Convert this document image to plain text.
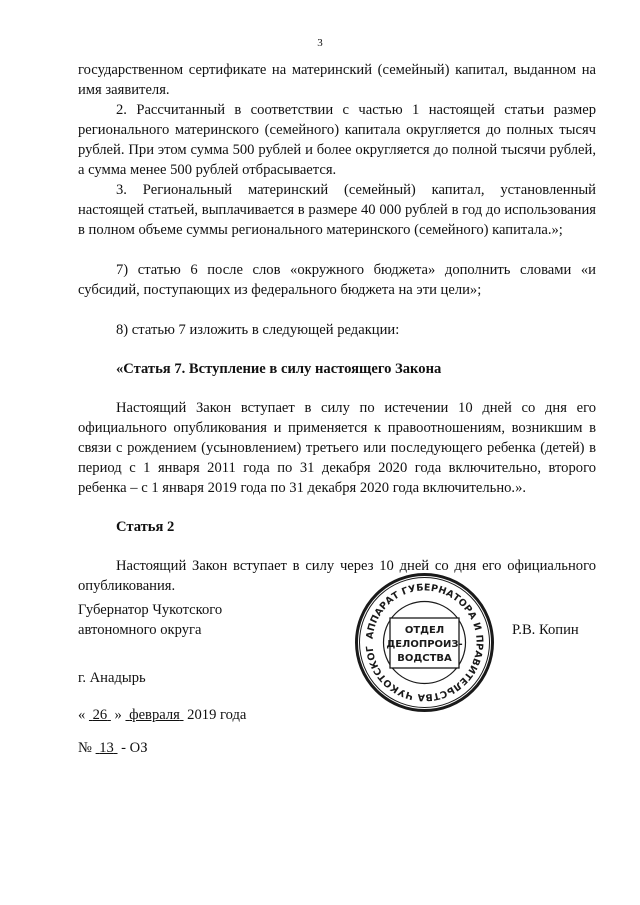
3

государственном сертификате на материнский (семейный) капитал, выданном на имя заявителя.

2. Рассчитанный в соответствии с частью 1 настоящей статьи размер регионального материнского (семейного) капитала округляется до полных тысяч рублей. При этом сумма 500 рублей и более округляется до полной тысячи рублей, а сумма менее 500 рублей отбрасывается.

3. Региональный материнский (семейный) капитал, установленный настоящей статьей, выплачивается в размере 40 000 рублей в год до использования в полном объеме суммы регионального материнского (семейного) капитала.»;

7) статью 6 после слов «окружного бюджета» дополнить словами «и субсидий, поступающих из федерального бюджета на эти цели»;

8) статью 7 изложить в следующей редакции:

«Статья 7. Вступление в силу настоящего Закона

Настоящий Закон вступает в силу по истечении 10 дней со дня его официального опубликования и применяется к правоотношениям, возникшим в связи с рождением (усыновлением) третьего или последующего ребенка (детей) в период с 1 января 2011 года по 31 декабря 2020 года включительно, второго ребенка – с 1 января 2019 года по 31 декабря 2020 года включительно.».

Статья 2

Настоящий Закон вступает в силу через 10 дней со дня его официального опубликования.

Губернатор Чукотского
автономного округа	АППАРАТ ГУБЕРНАТОРА И ПРАВИТЕЛЬСТВА ЧУКОТСКОГ
ОТДЕЛ
ДЕЛОПРОИЗ-
ВОДСТВА
Р.В. Копин
г. Анадырь
« 26 » февраля 2019 года
№ 13 - ОЗ
